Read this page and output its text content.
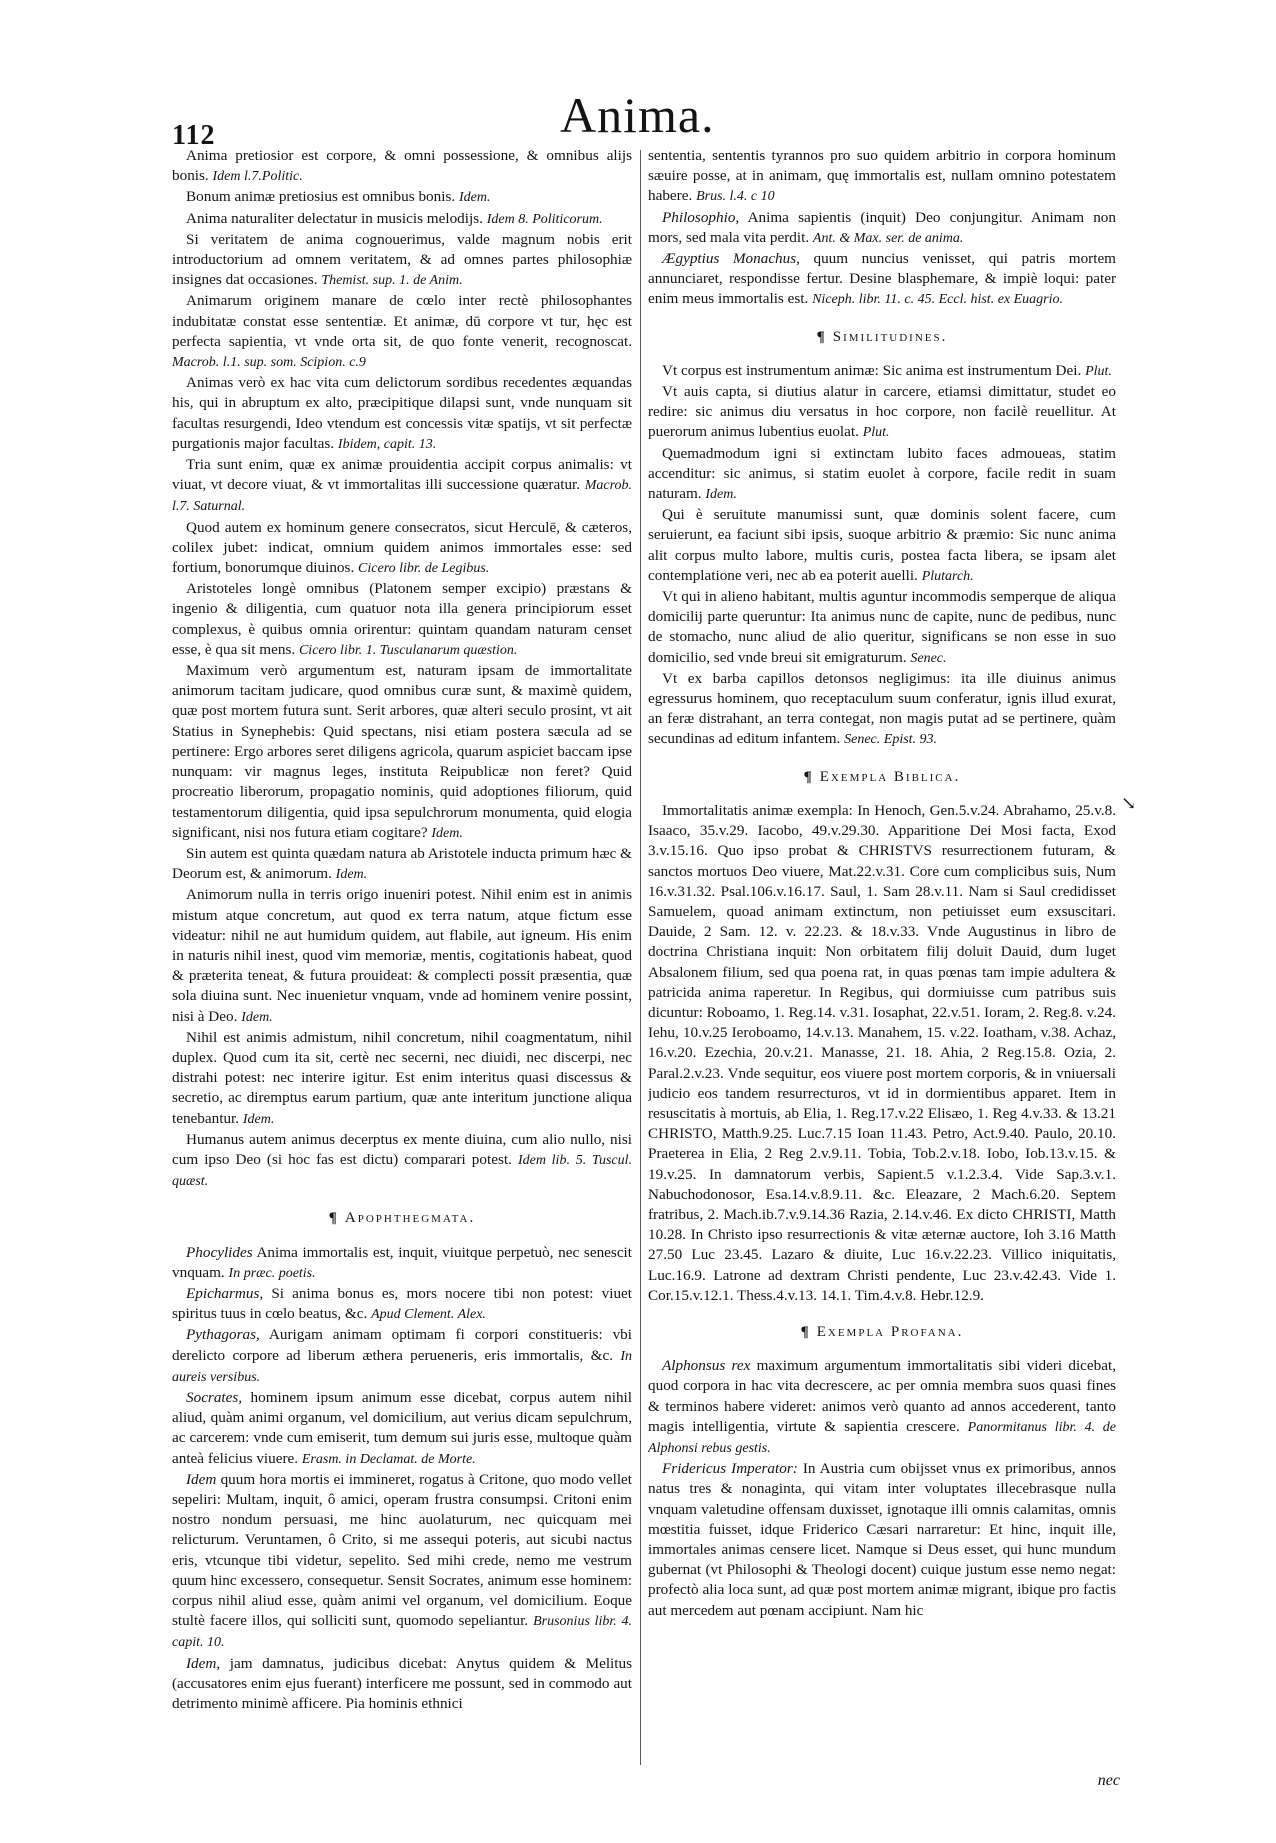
112	Anima.

Anima pretiosior est corpore, & omni possessione, & omnibus alijs bonis. Idem l.7.Politic.

Bonum animæ pretiosius est omnibus bonis. Idem.

Anima naturaliter delectatur in musicis melodijs. Idem 8. Politicorum.

Si veritatem de anima cognouerimus, valde magnum nobis erit introductorium ad omnem veritatem, & ad omnes partes philosophiæ insignes dat occasiones. Themist. sup. 1. de Anim.

Animarum originem manare de cœlo inter rectè philosophantes indubitatæ constat esse sententiæ. Et animæ, dū corpore vt tur, hęc est perfecta sapientia, vt vnde orta sit, de quo fonte venerit, recognoscat. Macrob. l.1. sup. som. Scipion. c.9

Animas verò ex hac vita cum delictorum sordibus recedentes æquandas his, qui in abruptum ex alto, præcipitique dilapsi sunt, vnde nunquam sit facultas resurgendi, Ideo vtendum est concessis vitæ spatijs, vt sit perfectæ purgationis major facultas. Ibidem, capit. 13.

Tria sunt enim, quæ ex animæ prouidentia accipit corpus animalis: vt viuat, vt decore viuat, & vt immortalitas illi successione quæratur. Macrob. l.7. Saturnal.

Quod autem ex hominum genere consecratos, sicut Herculē, & cæteros, colilex jubet: indicat, omnium quidem animos immortales esse: sed fortium, bonorumque diuinos. Cicero libr. de Legibus.

Aristoteles longè omnibus (Platonem semper excipio) præstans & ingenio & diligentia, cum quatuor nota illa genera principiorum esset complexus, è quibus omnia orirentur: quintam quandam naturam censet esse, è qua sit mens. Cicero libr. 1. Tusculanarum quæstion.

Maximum verò argumentum est, naturam ipsam de immortalitate animorum tacitam judicare, quod omnibus curæ sunt, & maximè quidem, quæ post mortem futura sunt. Serit arbores, quæ alteri seculo prosint, vt ait Statius in Synephebis: Quid spectans, nisi etiam postera sæcula ad se pertinere: Ergo arbores seret diligens agricola, quarum aspiciet baccam ipse nunquam: vir magnus leges, instituta Reipublicæ non feret? Quid procreatio liberorum, propagatio nominis, quid adoptiones filiorum, quid testamentorum diligentia, quid ipsa sepulchrorum monumenta, quid elogia significant, nisi nos futura etiam cogitare? Idem.

Sin autem est quinta quædam natura ab Aristotele inducta primum hæc & Deorum est, & animorum. Idem.

Animorum nulla in terris origo inueniri potest. Nihil enim est in animis mistum atque concretum, aut quod ex terra natum, atque fictum esse videatur: nihil ne aut humidum quidem, aut flabile, aut igneum. His enim in naturis nihil inest, quod vim memoriæ, mentis, cogitationis habeat, quod & præterita teneat, & futura prouideat: & complecti possit præsentia, quæ sola diuina sunt. Nec inuenietur vnquam, vnde ad hominem venire possint, nisi à Deo. Idem.

Nihil est animis admistum, nihil concretum, nihil coagmentatum, nihil duplex. Quod cum ita sit, certè nec secerni, nec diuidi, nec discerpi, nec distrahi potest: nec interire igitur. Est enim interitus quasi discessus & secretio, ac diremptus earum partium, quæ ante interitum junctione aliqua tenebantur. Idem.

Humanus autem animus decerptus ex mente diuina, cum alio nullo, nisi cum ipso Deo (si hoc fas est dictu) comparari potest. Idem lib. 5. Tuscul. quæst.

¶ Apophthegmata.

Phocylides Anima immortalis est, inquit, viuitque perpetuò, nec senescit vnquam. In præc. poetis.

Epicharmus, Si anima bonus es, mors nocere tibi non potest: viuet spiritus tuus in cœlo beatus, &c. Apud Clement. Alex.

Pythagoras, Aurigam animam optimam fi corpori constitueris: vbi derelicto corpore ad liberum æthera perueneris, eris immortalis, &c. In aureis versibus.

Socrates, hominem ipsum animum esse dicebat, corpus autem nihil aliud, quàm animi organum, vel domicilium, aut verius dicam sepulchrum, ac carcerem: vnde cum emiserit, tum demum sui juris esse, multoque quàm anteà felicius viuere. Erasm. in Declamat. de Morte.

Idem quum hora mortis ei immineret, rogatus à Critone, quo modo vellet sepeliri: Multam, inquit, ô amici, operam frustra consumpsi. Critoni enim nostro nondum persuasi, me hinc auolaturum, nec quicquam mei relicturum. Veruntamen, ô Crito, si me assequi poteris, aut sicubi nactus eris, vtcunque tibi videtur, sepelito. Sed mihi crede, nemo me vestrum quum hinc excessero, consequetur. Sensit Socrates, animum esse hominem: corpus nihil aliud esse, quàm animi vel organum, vel domicilium. Eoque stultè facere illos, qui solliciti sunt, quomodo sepeliantur. Brusonius libr. 4. capit. 10.

Idem, jam damnatus, judicibus dicebat: Anytus quidem & Melitus (accusatores enim ejus fuerant) interficere me possunt, sed in commodo aut detrimento minimè afficere. Pia hominis ethnici

sententia, sententis tyrannos pro suo quidem arbitrio in corpora hominum sæuire posse, at in animam, quę immortalis est, nullam omnino potestatem habere. Brus. l.4. c 10

Philosophio, Anima sapientis (inquit) Deo conjungitur. Animam non mors, sed mala vita perdit. Ant. & Max. ser. de anima.

Ægyptius Monachus, quum nuncius venisset, qui patris mortem annunciaret, respondisse fertur. Desine blasphemare, & impiè loqui: pater enim meus immortalis est. Niceph. libr. 11. c. 45. Eccl. hist. ex Euagrio.

¶ Similitudines.

Vt corpus est instrumentum animæ: Sic anima est instrumentum Dei. Plut.

Vt auis capta, si diutius alatur in carcere, etiamsi dimittatur, studet eo redire: sic animus diu versatus in hoc corpore, non facilè reuellitur. At puerorum animus lubentius euolat. Plut.

Quemadmodum igni si extinctam lubito faces admoueas, statim accenditur: sic animus, si statim euolet à corpore, facile redit in suam naturam. Idem.

Qui è seruitute manumissi sunt, quæ dominis solent facere, cum seruierunt, ea faciunt sibi ipsis, suoque arbitrio & præmio: Sic nunc anima alit corpus multo labore, multis curis, postea facta libera, se ipsam alet contemplatione veri, nec ab ea poterit auelli. Plutarch.

Vt qui in alieno habitant, multis aguntur incommodis semperque de aliqua domicilij parte queruntur: Ita animus nunc de capite, nunc de pedibus, nunc de stomacho, nunc aliud de alio queritur, significans se non esse in suo domicilio, sed vnde breui sit emigraturum. Senec.

Vt ex barba capillos detonsos negligimus: ita ille diuinus animus egressurus hominem, quo receptaculum suum conferatur, ignis illud exurat, an feræ distrahant, an terra contegat, non magis putat ad se pertinere, quàm secundinas ad editum infantem. Senec. Epist. 93.

¶ Exempla Biblica.

Immortalitatis animæ exempla: In Henoch, Gen.5.v.24. Abrahamo, 25.v.8. Isaaco, 35.v.29. Iacobo, 49.v.29.30. Apparitione Dei Mosi facta, Exod 3.v.15.16. Quo ipso probat & CHRISTVS resurrectionem futuram, & sanctos mortuos Deo viuere, Mat.22.v.31. Core cum complicibus suis, Num 16.v.31.32. Psal.106.v.16.17. Saul, 1. Sam 28.v.11. Nam si Saul credidisset Samuelem, quoad animam extinctum, non petiuisset eum exsuscitari. Dauide, 2 Sam. 12. v. 22.23. & 18.v.33. Vnde Augustinus in libro de doctrina Christiana inquit: Non orbitatem filij doluit Dauid, dum luget Absalonem filium, sed qua poena rat, in quas pœnas tam impie adultera & patricida anima raperetur. In Regibus, qui dormiuisse cum patribus suis dicuntur: Roboamo, 1. Reg.14. v.31. Iosaphat, 22.v.51. Ioram, 2. Reg.8. v.24. Iehu, 10.v.25 Ieroboamo, 14.v.13. Manahem, 15. v.22. Ioatham, v.38. Achaz, 16.v.20. Ezechia, 20.v.21. Manasse, 21. 18. Ahia, 2 Reg.15.8. Ozia, 2. Paral.2.v.23. Vnde sequitur, eos viuere post mortem corporis, & in vniuersali judicio eos tandem resurrecturos, vt id in dormientibus apparet. Item in resuscitatis à mortuis, ab Elia, 1. Reg.17.v.22 Elisæo, 1. Reg 4.v.33. & 13.21 CHRISTO, Matth.9.25. Luc.7.15 Ioan 11.43. Petro, Act.9.40. Paulo, 20.10. Praeterea in Elia, 2 Reg 2.v.9.11. Tobia, Tob.2.v.18. Iobo, Iob.13.v.15. & 19.v.25. In damnatorum verbis, Sapient.5 v.1.2.3.4. Vide Sap.3.v.1. Nabuchodonosor, Esa.14.v.8.9.11. &c. Eleazare, 2 Mach.6.20. Septem fratribus, 2. Mach.ib.7.v.9.14.36 Razia, 2.14.v.46. Ex dicto CHRISTI, Matth 10.28. In Christo ipso resurrectionis & vitæ æternæ auctore, Ioh 3.16 Matth 27.50 Luc 23.45. Lazaro & diuite, Luc 16.v.22.23. Villico iniquitatis, Luc.16.9. Latrone ad dextram Christi pendente, Luc 23.v.42.43. Vide 1. Cor.15.v.12.1. Thess.4.v.13. 14.1. Tim.4.v.8. Hebr.12.9.

¶ Exempla Profana.

Alphonsus rex maximum argumentum immortalitatis sibi videri dicebat, quod corpora in hac vita decrescere, ac per omnia membra suos quasi fines & terminos habere videret: animos verò quanto ad annos accederent, tanto magis intelligentia, virtute & sapientia crescere. Panormitanus libr. 4. de Alphonsi rebus gestis.

Fridericus Imperator: In Austria cum obijsset vnus ex primoribus, annos natus tres & nonaginta, qui vitam inter voluptates illecebrasque nulla vnquam valetudine offensam duxisset, ignotaque illi omnis calamitas, omnis mœstitia fuisset, idque Friderico Cæsari narraretur: Et hinc, inquit ille, immortales animas censere licet. Namque si Deus esset, qui hunc mundum gubernat (vt Philosophi & Theologi docent) cuique justum esse nemo negat: profectò alia loca sunt, ad quæ post mortem animæ migrant, ibique pro factis aut mercedem aut pœnam accipiunt. Nam hic

↘
nec
